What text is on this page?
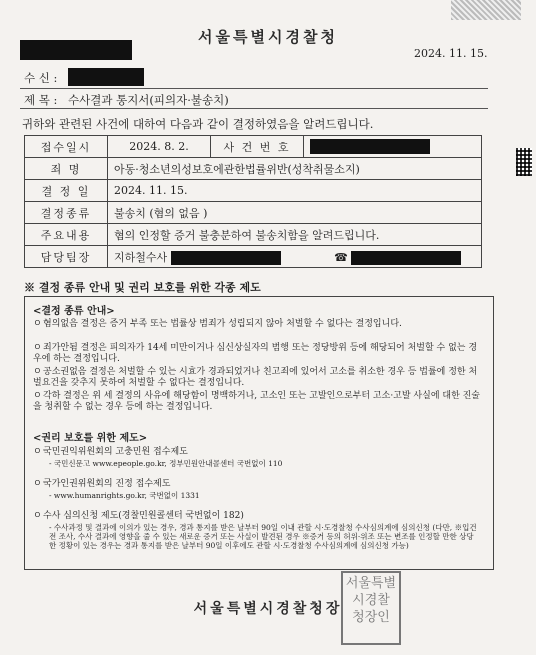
서울특별시경찰청
2024. 11. 15.
수 신 :
제 목 : 수사결과 통지서(피의자·불송치)
귀하와 관련된 사건에 대하여 다음과 같이 결정하였음을 알려드립니다.
접수일시	2024. 8. 2.	사 건 번 호	
죄 명	아동·청소년의성보호에관한법률위반(성착취물소지)		
결 정 일	2024. 11. 15.		
결정종류	불송치 (혐의 없음 )		
주요내용	혐의 인정할 증거 불충분하여 불송치함을 알려드립니다.		
담당팀장	지하철수사 ☎		
※ 결정 종류 안내 및 권리 보호를 위한 각종 제도
<결정 종류 안내>
ㅇ혐의없음 결정은 증거 부족 또는 법률상 범죄가 성립되지 않아 처벌할 수 없다는 결정입니다.
ㅇ죄가안됨 결정은 피의자가 14세 미만이거나 심신상실자의 범행 또는 정당방위 등에 해당되어 처벌할 수 없는 경우에 하는 결정입니다.
ㅇ공소권없음 결정은 처벌할 수 있는 시효가 경과되었거나 친고죄에 있어서 고소를 취소한 경우 등 법률에 정한 처벌요건을 갖추지 못하여 처벌할 수 없다는 결정입니다.
ㅇ각하 결정은 위 세 결정의 사유에 해당함이 명백하거나, 고소인 또는 고발인으로부터 고소·고발 사실에 대한 진술을 청취할 수 없는 경우 등에 하는 결정입니다.
<권리 보호를 위한 제도>
ㅇ국민권익위원회의 고충민원 접수제도
- 국민신문고 www.epeople.go.kr, 정부민원안내콜센터 국번없이 110
ㅇ국가인권위원회의 진정 접수제도
- www.humanrights.go.kr, 국번없이 1331
ㅇ수사 심의신청 제도(경찰민원콜센터 국번없이 182)
- 수사과정 및 결과에 이의가 있는 경우, 경과 통지를 받은 날부터 90일 이내 관할 시·도경찰청 수사심의계에 심의신청 (다만, ※입건 전 조사, 수사 결과에 영향을 줄 수 있는 새로운 증거 또는 사실이 발견된 경우 ※증거 등의 허위·위조 또는 변조를 인정할 만한 상당한 정황이 있는 경우는 경과 통지를 받은 날부터 90일 이후에도 관할 시·도경찰청 수사심의계에 심의신청 가능)
서울특별시경찰청장
서울특별
시경찰
청장인
